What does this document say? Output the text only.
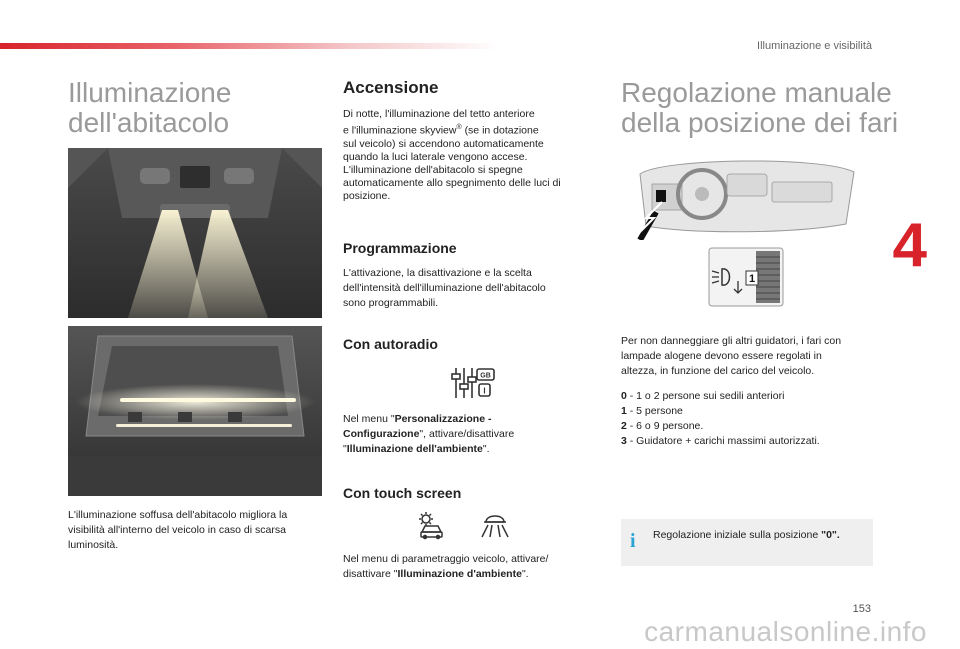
Illuminazione e visibilità
4
Illuminazione
dell'abitacolo
L'illuminazione soffusa dell'abitacolo migliora la
visibilità all'interno del veicolo in caso di scarsa
luminosità.
Accensione
Di notte, l'illuminazione del tetto anteriore
e l'illuminazione skyview® (se in dotazione
sul veicolo) si accendono automaticamente
quando la luci laterale vengono accese.
L'illuminazione dell'abitacolo si spegne
automaticamente allo spegnimento delle luci di
posizione.
Programmazione
L'attivazione, la disattivazione e la scelta
dell'intensità dell'illuminazione dell'abitacolo
sono programmabili.
Con autoradio
GB
I
Nel menu "Personalizzazione -
Configurazione", attivare/disattivare
"Illuminazione dell'ambiente".
Con touch screen
Nel menu di parametraggio veicolo, attivare/
disattivare "Illuminazione d'ambiente".
Regolazione manuale
della posizione dei fari
1
Per non danneggiare gli altri guidatori, i fari con
lampade alogene devono essere regolati in
altezza, in funzione del carico del veicolo.
0 - 1 o 2 persone sui sedili anteriori
1 - 5 persone
2 - 6 o 9 persone.
3 - Guidatore + carichi massimi autorizzati.
i	Regolazione iniziale sulla posizione "0".
153
carmanualsonline.info
